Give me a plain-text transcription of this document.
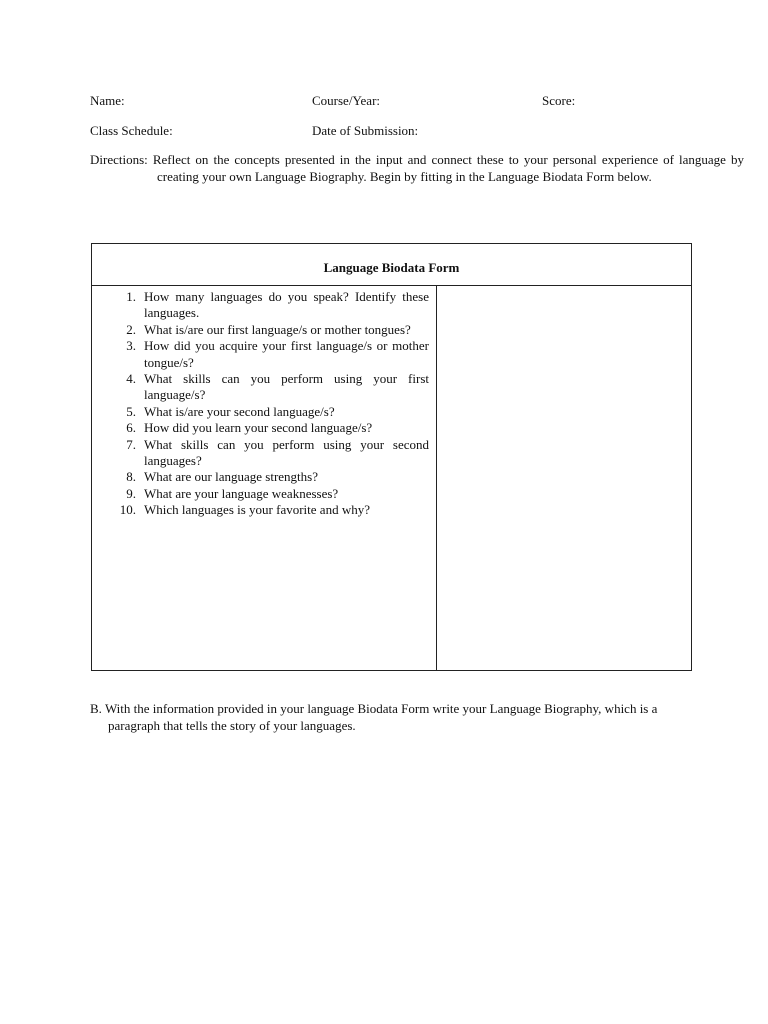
Name:	Course/Year:	Score:
Class Schedule:	Date of Submission:
Directions: Reflect on the concepts presented in the input and connect these to your personal experience of language by creating your own Language Biography. Begin by fitting in the Language Biodata Form below.
Language Biodata Form
1. How many languages do you speak? Identify these languages.
2. What is/are our first language/s or mother tongues?
3. How did you acquire your first language/s or mother tongue/s?
4. What skills can you perform using your first language/s?
5. What is/are your second language/s?
6. How did you learn your second language/s?
7. What skills can you perform using your second languages?
8. What are our language strengths?
9. What are your language weaknesses?
10. Which languages is your favorite and why?
B. With the information provided in your language Biodata Form write your Language Biography, which is a paragraph that tells the story of your languages.
